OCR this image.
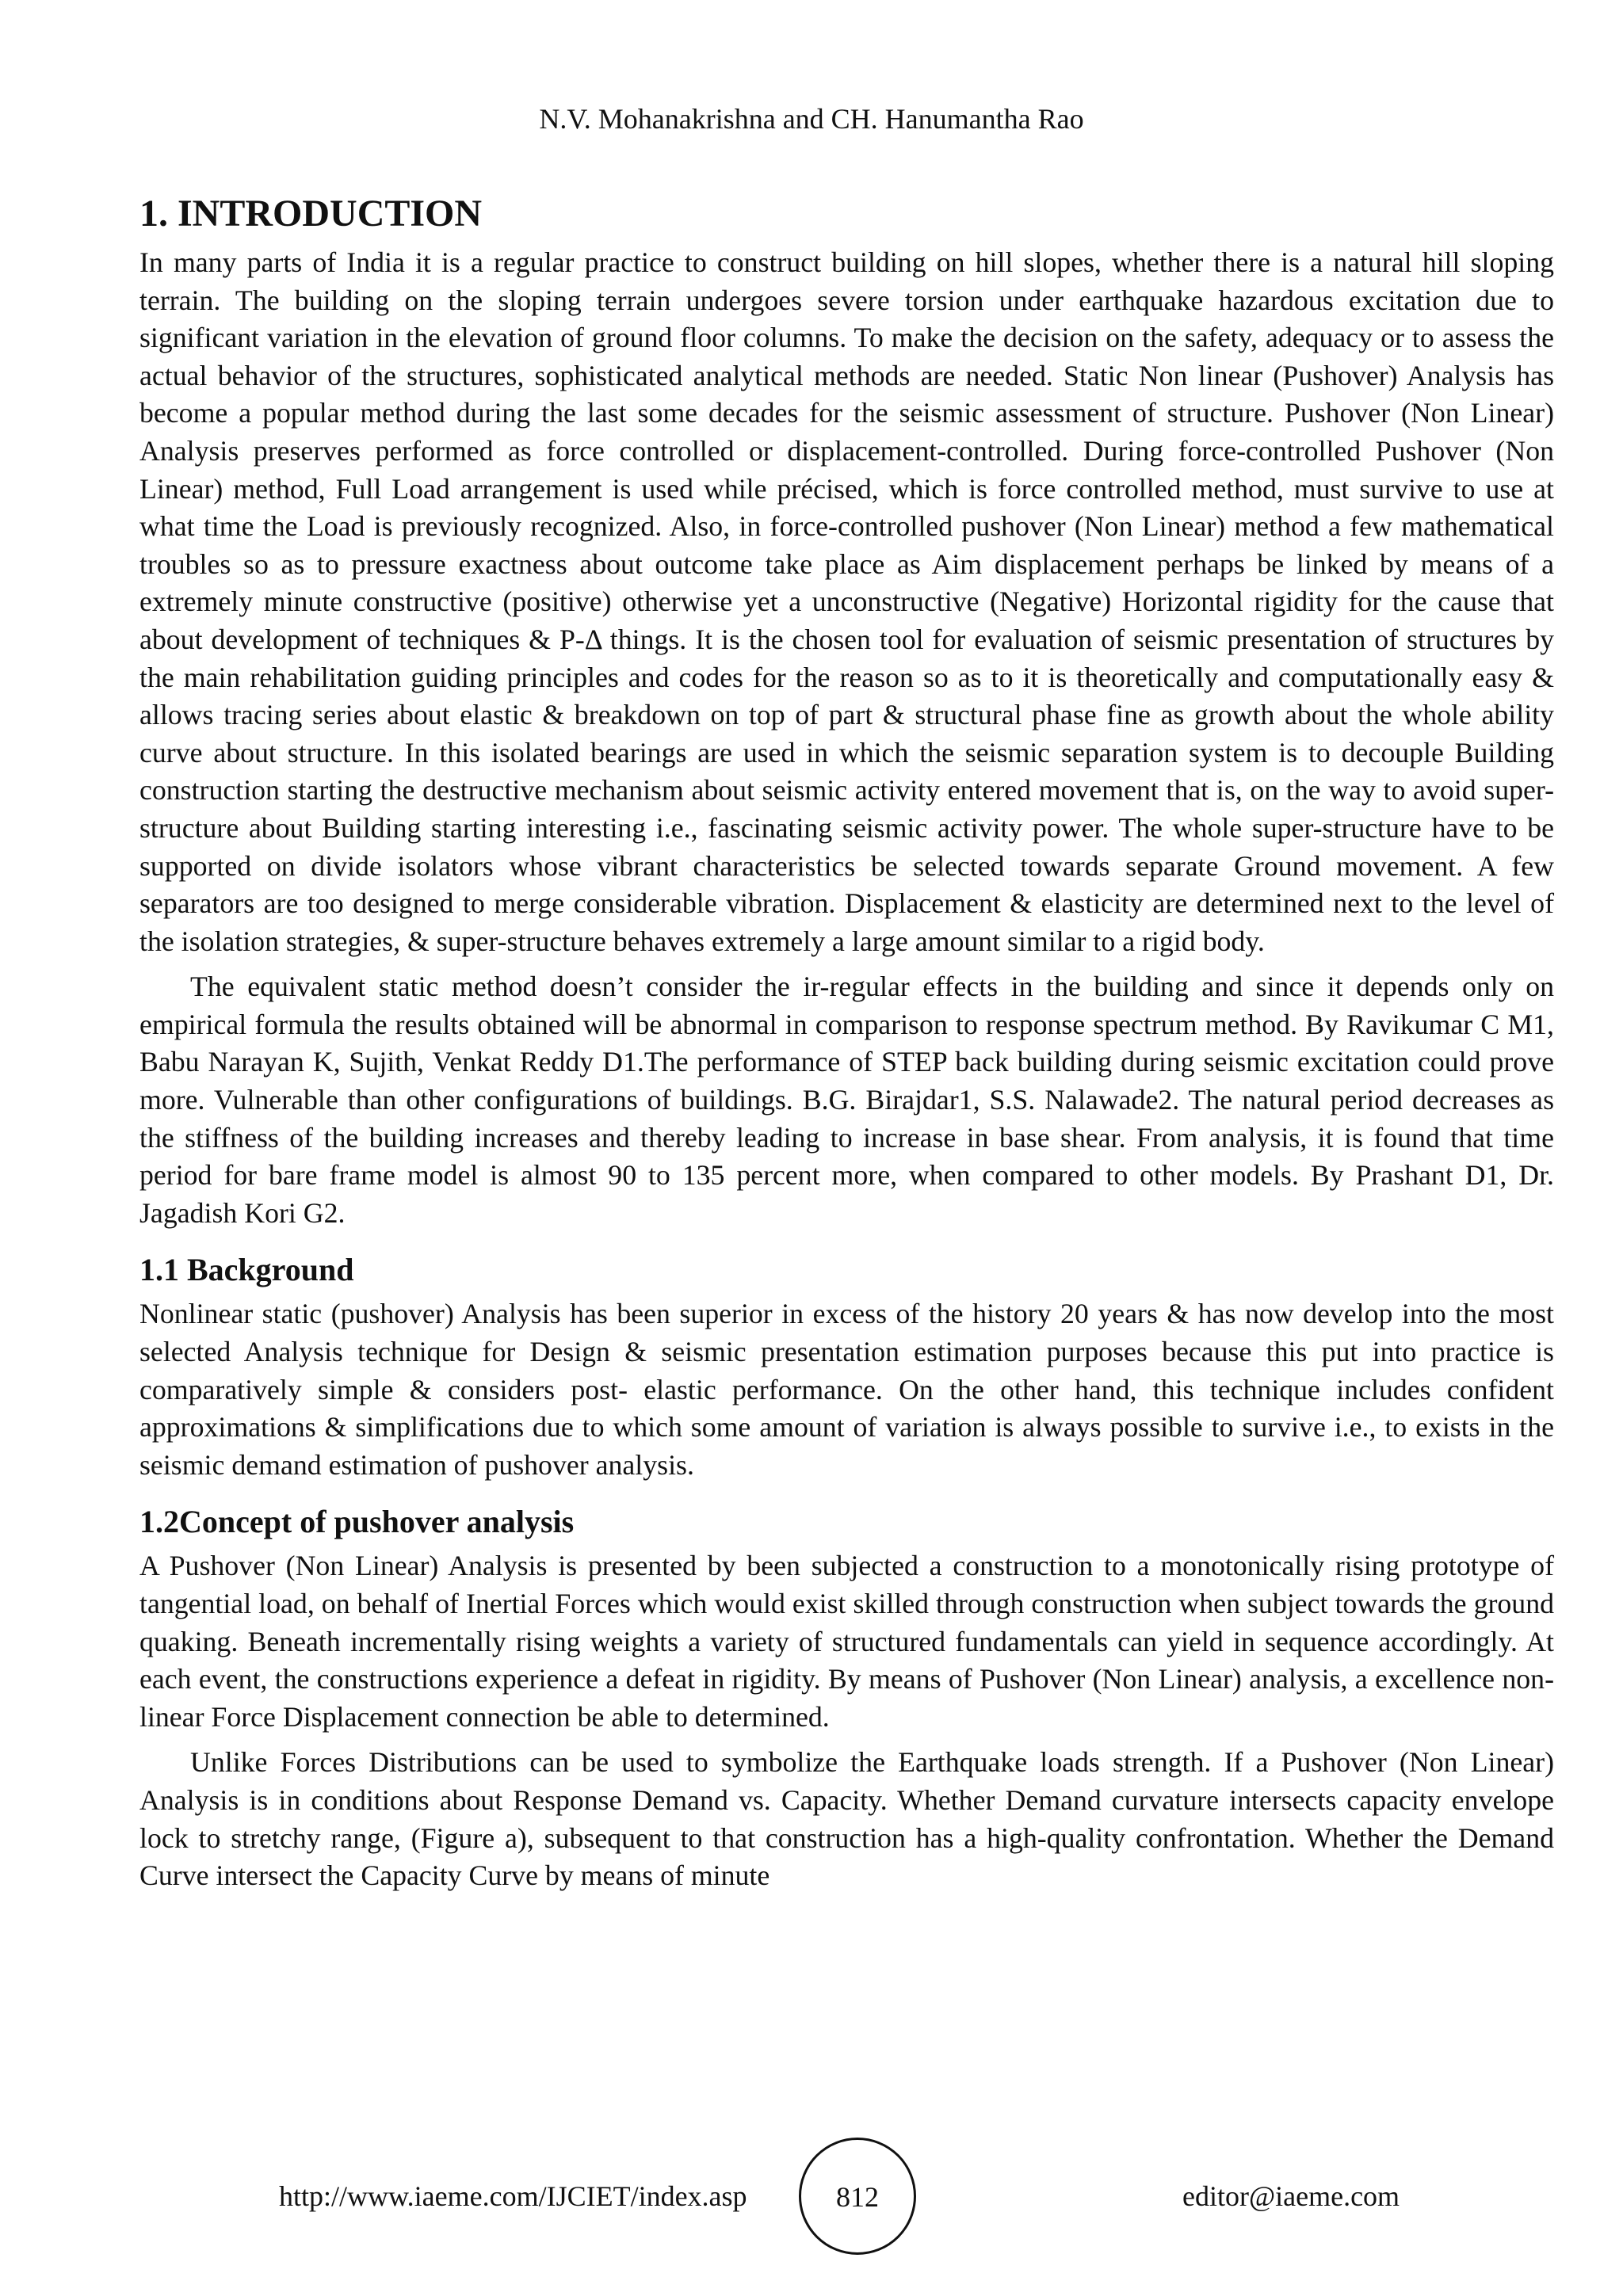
N.V. Mohanakrishna and CH. Hanumantha Rao
1. INTRODUCTION

In many parts of India it is a regular practice to construct building on hill slopes, whether there is a natural hill sloping terrain. The building on the sloping terrain undergoes severe torsion under earthquake hazardous excitation due to significant variation in the elevation of ground floor columns. To make the decision on the safety, adequacy or to assess the actual behavior of the structures, sophisticated analytical methods are needed. Static Non linear (Pushover) Analysis has become a popular method during the last some decades for the seismic assessment of structure. Pushover (Non Linear) Analysis preserves performed as force controlled or displacement-controlled. During force-controlled Pushover (Non Linear) method, Full Load arrangement is used while précised, which is force controlled method, must survive to use at what time the Load is previously recognized. Also, in force-controlled pushover (Non Linear) method a few mathematical troubles so as to pressure exactness about outcome take place as Aim displacement perhaps be linked by means of a extremely minute constructive (positive) otherwise yet a unconstructive (Negative) Horizontal rigidity for the cause that about development of techniques & P-Δ things. It is the chosen tool for evaluation of seismic presentation of structures by the main rehabilitation guiding principles and codes for the reason so as to it is theoretically and computationally easy & allows tracing series about elastic & breakdown on top of part & structural phase fine as growth about the whole ability curve about structure. In this isolated bearings are used in which the seismic separation system is to decouple Building construction starting the destructive mechanism about seismic activity entered movement that is, on the way to avoid super-structure about Building starting interesting i.e., fascinating seismic activity power. The whole super-structure have to be supported on divide isolators whose vibrant characteristics be selected towards separate Ground movement. A few separators are too designed to merge considerable vibration. Displacement & elasticity are determined next to the level of the isolation strategies, & super-structure behaves extremely a large amount similar to a rigid body.

The equivalent static method doesn’t consider the ir-regular effects in the building and since it depends only on empirical formula the results obtained will be abnormal in comparison to response spectrum method. By Ravikumar C M1, Babu Narayan K, Sujith, Venkat Reddy D1.The performance of STEP back building during seismic excitation could prove more. Vulnerable than other configurations of buildings. B.G. Birajdar1, S.S. Nalawade2. The natural period decreases as the stiffness of the building increases and thereby leading to increase in base shear. From analysis, it is found that time period for bare frame model is almost 90 to 135 percent more, when compared to other models. By Prashant D1, Dr. Jagadish Kori G2.

1.1 Background

Nonlinear static (pushover) Analysis has been superior in excess of the history 20 years & has now develop into the most selected Analysis technique for Design & seismic presentation estimation purposes because this put into practice is comparatively simple & considers post- elastic performance. On the other hand, this technique includes confident approximations & simplifications due to which some amount of variation is always possible to survive i.e., to exists in the seismic demand estimation of pushover analysis.

1.2Concept of pushover analysis

A Pushover (Non Linear) Analysis is presented by been subjected a construction to a monotonically rising prototype of tangential load, on behalf of Inertial Forces which would exist skilled through construction when subject towards the ground quaking. Beneath incrementally rising weights a variety of structured fundamentals can yield in sequence accordingly. At each event, the constructions experience a defeat in rigidity. By means of Pushover (Non Linear) analysis, a excellence non-linear Force Displacement connection be able to determined.

Unlike Forces Distributions can be used to symbolize the Earthquake loads strength. If a Pushover (Non Linear) Analysis is in conditions about Response Demand vs. Capacity. Whether Demand curvature intersects capacity envelope lock to stretchy range, (Figure a), subsequent to that construction has a high-quality confrontation. Whether the Demand Curve intersect the Capacity Curve by means of minute

http://www.iaeme.com/IJCIET/index.asp	812	editor@iaeme.com
